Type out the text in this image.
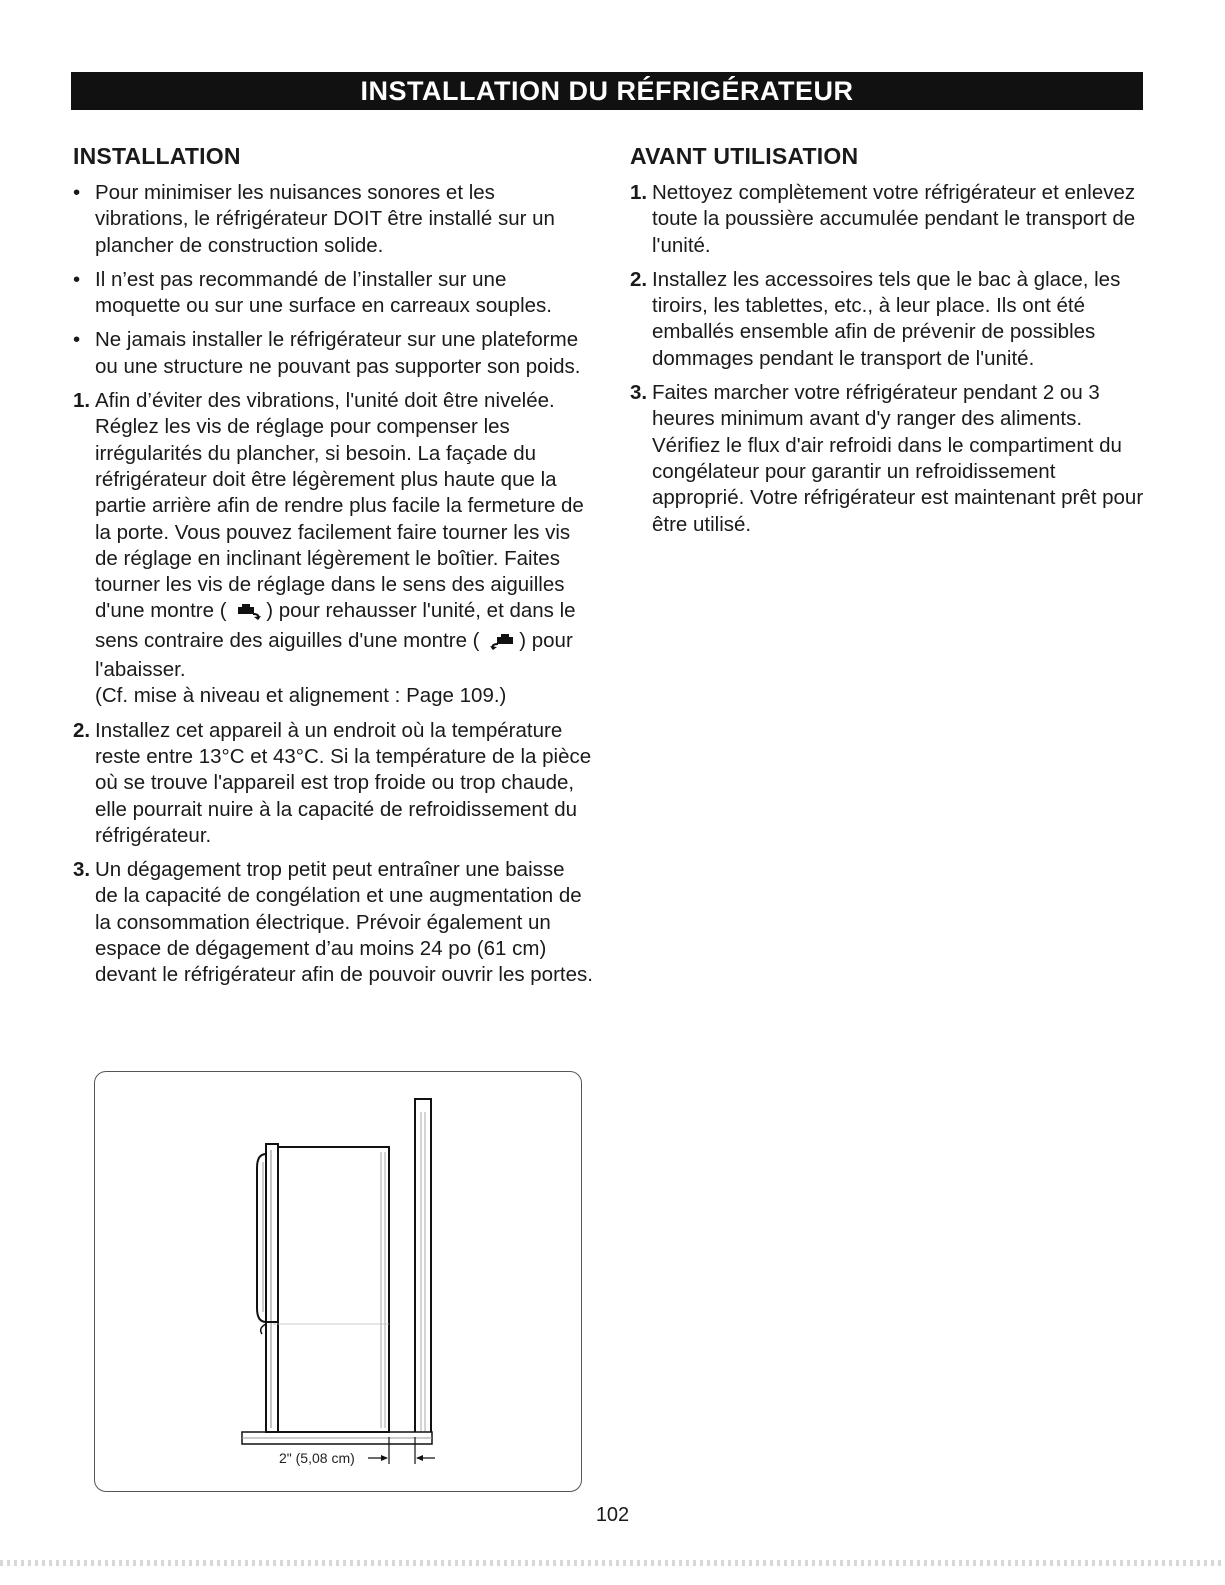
INSTALLATION DU RÉFRIGÉRATEUR
INSTALLATION
• Pour minimiser les nuisances sonores et les vibrations, le réfrigérateur DOIT être installé sur un plancher de construction solide.
• Il n’est pas recommandé de l’installer sur une moquette ou sur une surface en carreaux souples.
• Ne jamais installer le réfrigérateur sur une plateforme ou une structure ne pouvant pas supporter son poids.
1. Afin d’éviter des vibrations, l'unité doit être nivelée. Réglez les vis de réglage pour compenser les irrégularités du plancher, si besoin. La façade du réfrigérateur doit être légèrement plus haute que la partie arrière afin de rendre plus facile la fermeture de la porte. Vous pouvez facilement faire tourner les vis de réglage en inclinant légèrement le boîtier. Faites tourner les vis de réglage dans le sens des aiguilles d'une montre ( ) pour rehausser l'unité, et dans le sens contraire des aiguilles d'une montre ( ) pour l'abaisser.
(Cf. mise à niveau et alignement : Page 109.)
2. Installez cet appareil à un endroit où la température reste entre 13°C et 43°C. Si la température de la pièce où se trouve l'appareil est trop froide ou trop chaude, elle pourrait nuire à la capacité de refroidissement du réfrigérateur.
3. Un dégagement trop petit peut entraîner une baisse de la capacité de congélation et une augmentation de la consommation électrique. Prévoir également un espace de dégagement d’au moins 24 po (61 cm) devant le réfrigérateur afin de pouvoir ouvrir les portes.
2" (5,08 cm)
AVANT UTILISATION
1. Nettoyez complètement votre réfrigérateur et enlevez toute la poussière accumulée pendant le transport de l'unité.
2. Installez les accessoires tels que le bac à glace, les tiroirs, les tablettes, etc., à leur place. Ils ont été emballés ensemble afin de prévenir de possibles dommages pendant le transport de l'unité.
3. Faites marcher votre réfrigérateur pendant 2 ou 3 heures minimum avant d'y ranger des aliments. Vérifiez le flux d'air refroidi dans le compartiment du congélateur pour garantir un refroidissement approprié. Votre réfrigérateur est maintenant prêt pour être utilisé.
102
